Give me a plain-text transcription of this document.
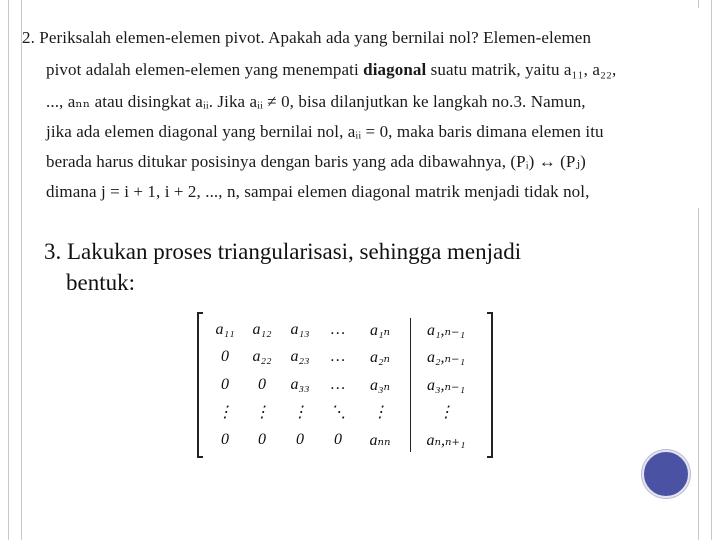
2. Periksalah elemen-elemen pivot. Apakah ada yang bernilai nol? Elemen-elemen
pivot adalah elemen-elemen yang menempati diagonal suatu matrik, yaitu a₁₁, a₂₂,
..., aₙₙ atau disingkat aᵢᵢ. Jika aᵢᵢ ≠ 0, bisa dilanjutkan ke langkah no.3. Namun,
jika ada elemen diagonal yang bernilai nol, aᵢᵢ = 0, maka baris dimana elemen itu
berada harus ditukar posisinya dengan baris yang ada dibawahnya, (Pᵢ) ↔ (Pⱼ)
dimana j = i + 1, i + 2, ..., n, sampai elemen diagonal matrik menjadi tidak nol,
3. Lakukan proses triangularisasi, sehingga menjadi
bentuk:
a₁₁	a₁₂	a₁₃	…	a₁ₙ	a₁,ₙ₋₁
0	a₂₂	a₂₃	…	a₂ₙ	a₂,ₙ₋₁
0	0	a₃₃	…	a₃ₙ	a₃,ₙ₋₁
⋮	⋮	⋮	⋱	⋮	⋮
0	0	0	0	aₙₙ	aₙ,ₙ₊₁
